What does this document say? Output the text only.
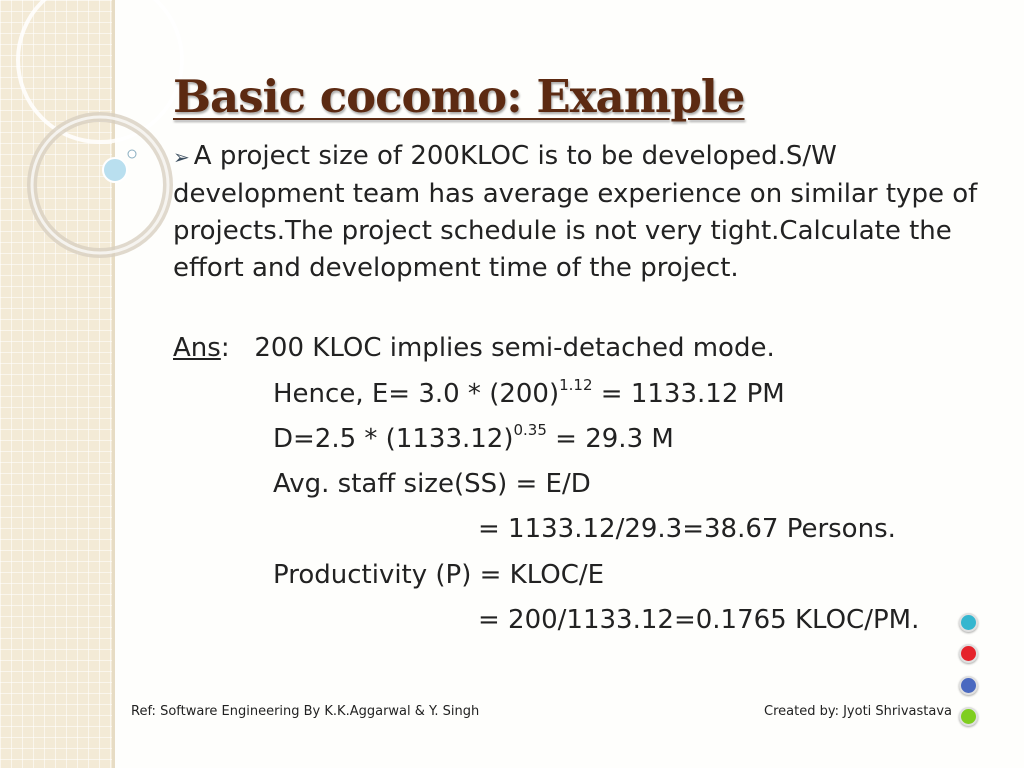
Basic cocomo: Example
➢ A project size of 200KLOC is to be developed.S/W development team has average experience on similar type of projects.The project schedule is not very tight.Calculate the effort and development time of the project.
Ans: 200 KLOC implies semi-detached mode.
Hence, $E= 3.0 * (200)^{1.12} = 1133.12$ PM
$D=2.5 * (1133.12)^{0.35} = 29.3$ M
Avg. staff size(SS) = E/D
= 1133.12/29.3=38.67 Persons.
Productivity (P) = KLOC/E
= 200/1133.12=0.1765 KLOC/PM.
Ref: Software Engineering By K.K.Aggarwal & Y. Singh	Created by: Jyoti Shrivastava
